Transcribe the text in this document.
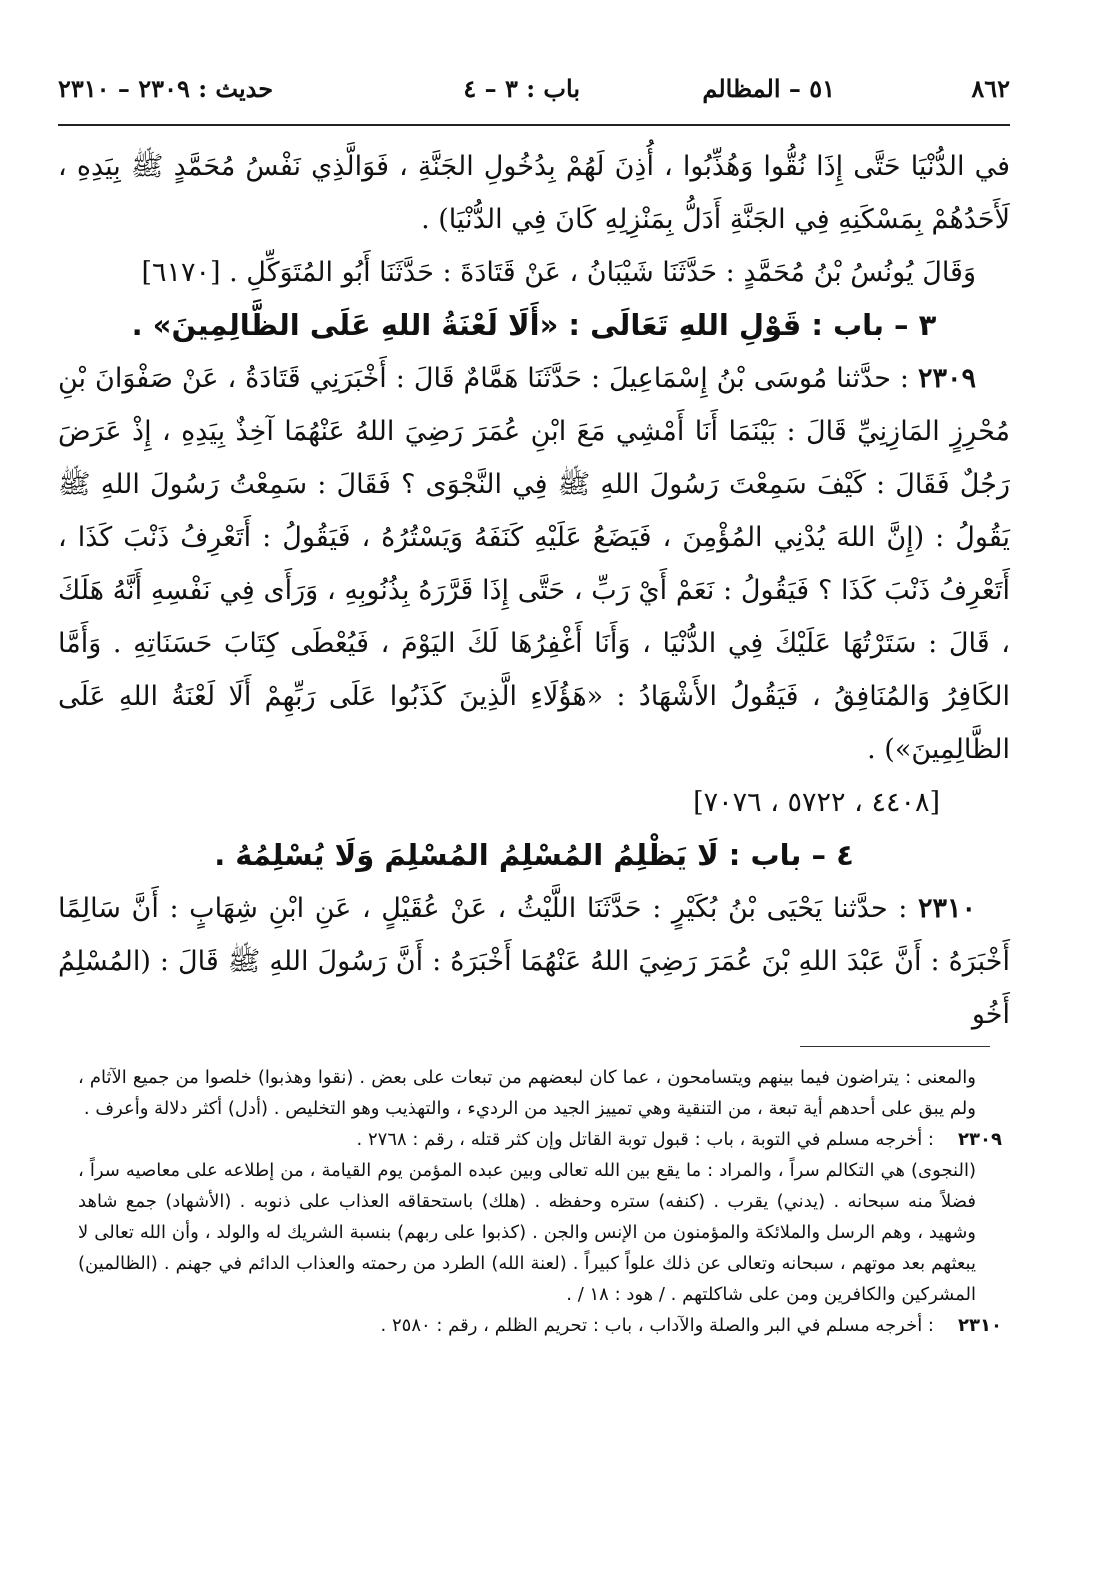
٨٦٢
٥١ – المظالم
باب : ٣ – ٤
حديث : ٢٣٠٩ – ٢٣١٠

في الدُّنْيَا حَتَّى إِذَا نُقُّوا وَهُذِّبُوا ، أُذِنَ لَهُمْ بِدُخُولِ الجَنَّةِ ، فَوَالَّذِي نَفْسُ مُحَمَّدٍ ﷺ بِيَدِهِ ، لَأَحَدُهُمْ بِمَسْكَنِهِ فِي الجَنَّةِ أَدَلُّ بِمَنْزِلِهِ كَانَ فِي الدُّنْيَا) .

وَقَالَ يُونُسُ بْنُ مُحَمَّدٍ : حَدَّثَنَا شَيْبَانُ ، عَنْ قَتَادَةَ : حَدَّثَنَا أَبُو المُتَوَكِّلِ . [٦١٧٠]

٣ – باب : قَوْلِ اللهِ تَعَالَى : «أَلَا لَعْنَةُ اللهِ عَلَى الظَّالِمِينَ» .

٢٣٠٩ : حدَّثنا مُوسَى بْنُ إِسْمَاعِيلَ : حَدَّثَنَا هَمَّامٌ قَالَ : أَخْبَرَنِي قَتَادَةُ ، عَنْ صَفْوَانَ بْنِ مُحْرِزٍ المَازِنِيِّ قَالَ : بَيْنَمَا أَنَا أَمْشِي مَعَ ابْنِ عُمَرَ رَضِيَ اللهُ عَنْهُمَا آخِذٌ بِيَدِهِ ، إِذْ عَرَضَ رَجُلٌ فَقَالَ : كَيْفَ سَمِعْتَ رَسُولَ اللهِ ﷺ فِي النَّجْوَى ؟ فَقَالَ : سَمِعْتُ رَسُولَ اللهِ ﷺ يَقُولُ : (إِنَّ اللهَ يُدْنِي المُؤْمِنَ ، فَيَضَعُ عَلَيْهِ كَنَفَهُ وَيَسْتُرُهُ ، فَيَقُولُ : أَتَعْرِفُ ذَنْبَ كَذَا ، أَتَعْرِفُ ذَنْبَ كَذَا ؟ فَيَقُولُ : نَعَمْ أَيْ رَبِّ ، حَتَّى إِذَا قَرَّرَهُ بِذُنُوبِهِ ، وَرَأَى فِي نَفْسِهِ أَنَّهُ هَلَكَ ، قَالَ : سَتَرْتُهَا عَلَيْكَ فِي الدُّنْيَا ، وَأَنَا أَغْفِرُهَا لَكَ اليَوْمَ ، فَيُعْطَى كِتَابَ حَسَنَاتِهِ . وَأَمَّا الكَافِرُ وَالمُنَافِقُ ، فَيَقُولُ الأَشْهَادُ : «هَؤُلَاءِ الَّذِينَ كَذَبُوا عَلَى رَبِّهِمْ أَلَا لَعْنَةُ اللهِ عَلَى الظَّالِمِينَ») .

[٤٤٠٨ ، ٥٧٢٢ ، ٧٠٧٦]

٤ – باب : لَا يَظْلِمُ المُسْلِمُ المُسْلِمَ وَلَا يُسْلِمُهُ .

٢٣١٠ : حدَّثنا يَحْيَى بْنُ بُكَيْرٍ : حَدَّثَنَا اللَّيْثُ ، عَنْ عُقَيْلٍ ، عَنِ ابْنِ شِهَابٍ : أَنَّ سَالِمًا أَخْبَرَهُ : أَنَّ عَبْدَ اللهِ بْنَ عُمَرَ رَضِيَ اللهُ عَنْهُمَا أَخْبَرَهُ : أَنَّ رَسُولَ اللهِ ﷺ قَالَ : (المُسْلِمُ أَخُو

والمعنى : يتراضون فيما بينهم ويتسامحون ، عما كان لبعضهم من تبعات على بعض . (نقوا وهذبوا) خلصوا من جميع الآثام ، ولم يبق على أحدهم أية تبعة ، من التنقية وهي تمييز الجيد من الرديء ، والتهذيب وهو التخليص . (أدل) أكثر دلالة وأعرف .

٢٣٠٩
: أخرجه مسلم في التوبة ، باب : قبول توبة القاتل وإن كثر قتله ، رقم : ٢٧٦٨ .

(النجوى) هي التكالم سراً ، والمراد : ما يقع بين الله تعالى وبين عبده المؤمن يوم القيامة ، من إطلاعه على معاصيه سراً ، فضلاً منه سبحانه . (يدني) يقرب . (كنفه) ستره وحفظه . (هلك) باستحقاقه العذاب على ذنوبه . (الأشهاد) جمع شاهد وشهيد ، وهم الرسل والملائكة والمؤمنون من الإنس والجن . (كذبوا على ربهم) بنسبة الشريك له والولد ، وأن الله تعالى لا يبعثهم بعد موتهم ، سبحانه وتعالى عن ذلك علواً كبيراً . (لعنة الله) الطرد من رحمته والعذاب الدائم في جهنم . (الظالمين) المشركين والكافرين ومن على شاكلتهم . / هود : ١٨ / .

٢٣١٠
: أخرجه مسلم في البر والصلة والآداب ، باب : تحريم الظلم ، رقم : ٢٥٨٠ .
